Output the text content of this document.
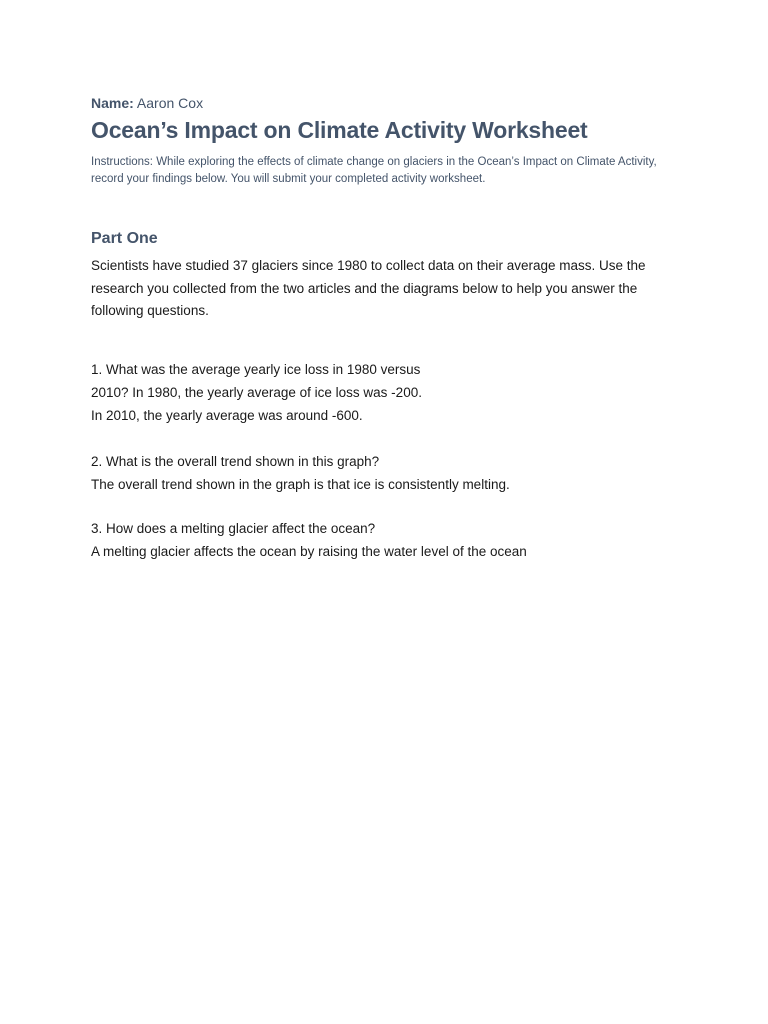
Name: Aaron Cox
Ocean’s Impact on Climate Activity Worksheet
Instructions: While exploring the effects of climate change on glaciers in the Ocean’s Impact on Climate Activity, record your findings below. You will submit your completed activity worksheet.
Part One
Scientists have studied 37 glaciers since 1980 to collect data on their average mass. Use the research you collected from the two articles and the diagrams below to help you answer the following questions.
1. What was the average yearly ice loss in 1980 versus
2010? In 1980, the yearly average of ice loss was -200.
In 2010, the yearly average was around -600.
2. What is the overall trend shown in this graph?
The overall trend shown in the graph is that ice is consistently melting.
3. How does a melting glacier affect the ocean?
A melting glacier affects the ocean by raising the water level of the ocean
